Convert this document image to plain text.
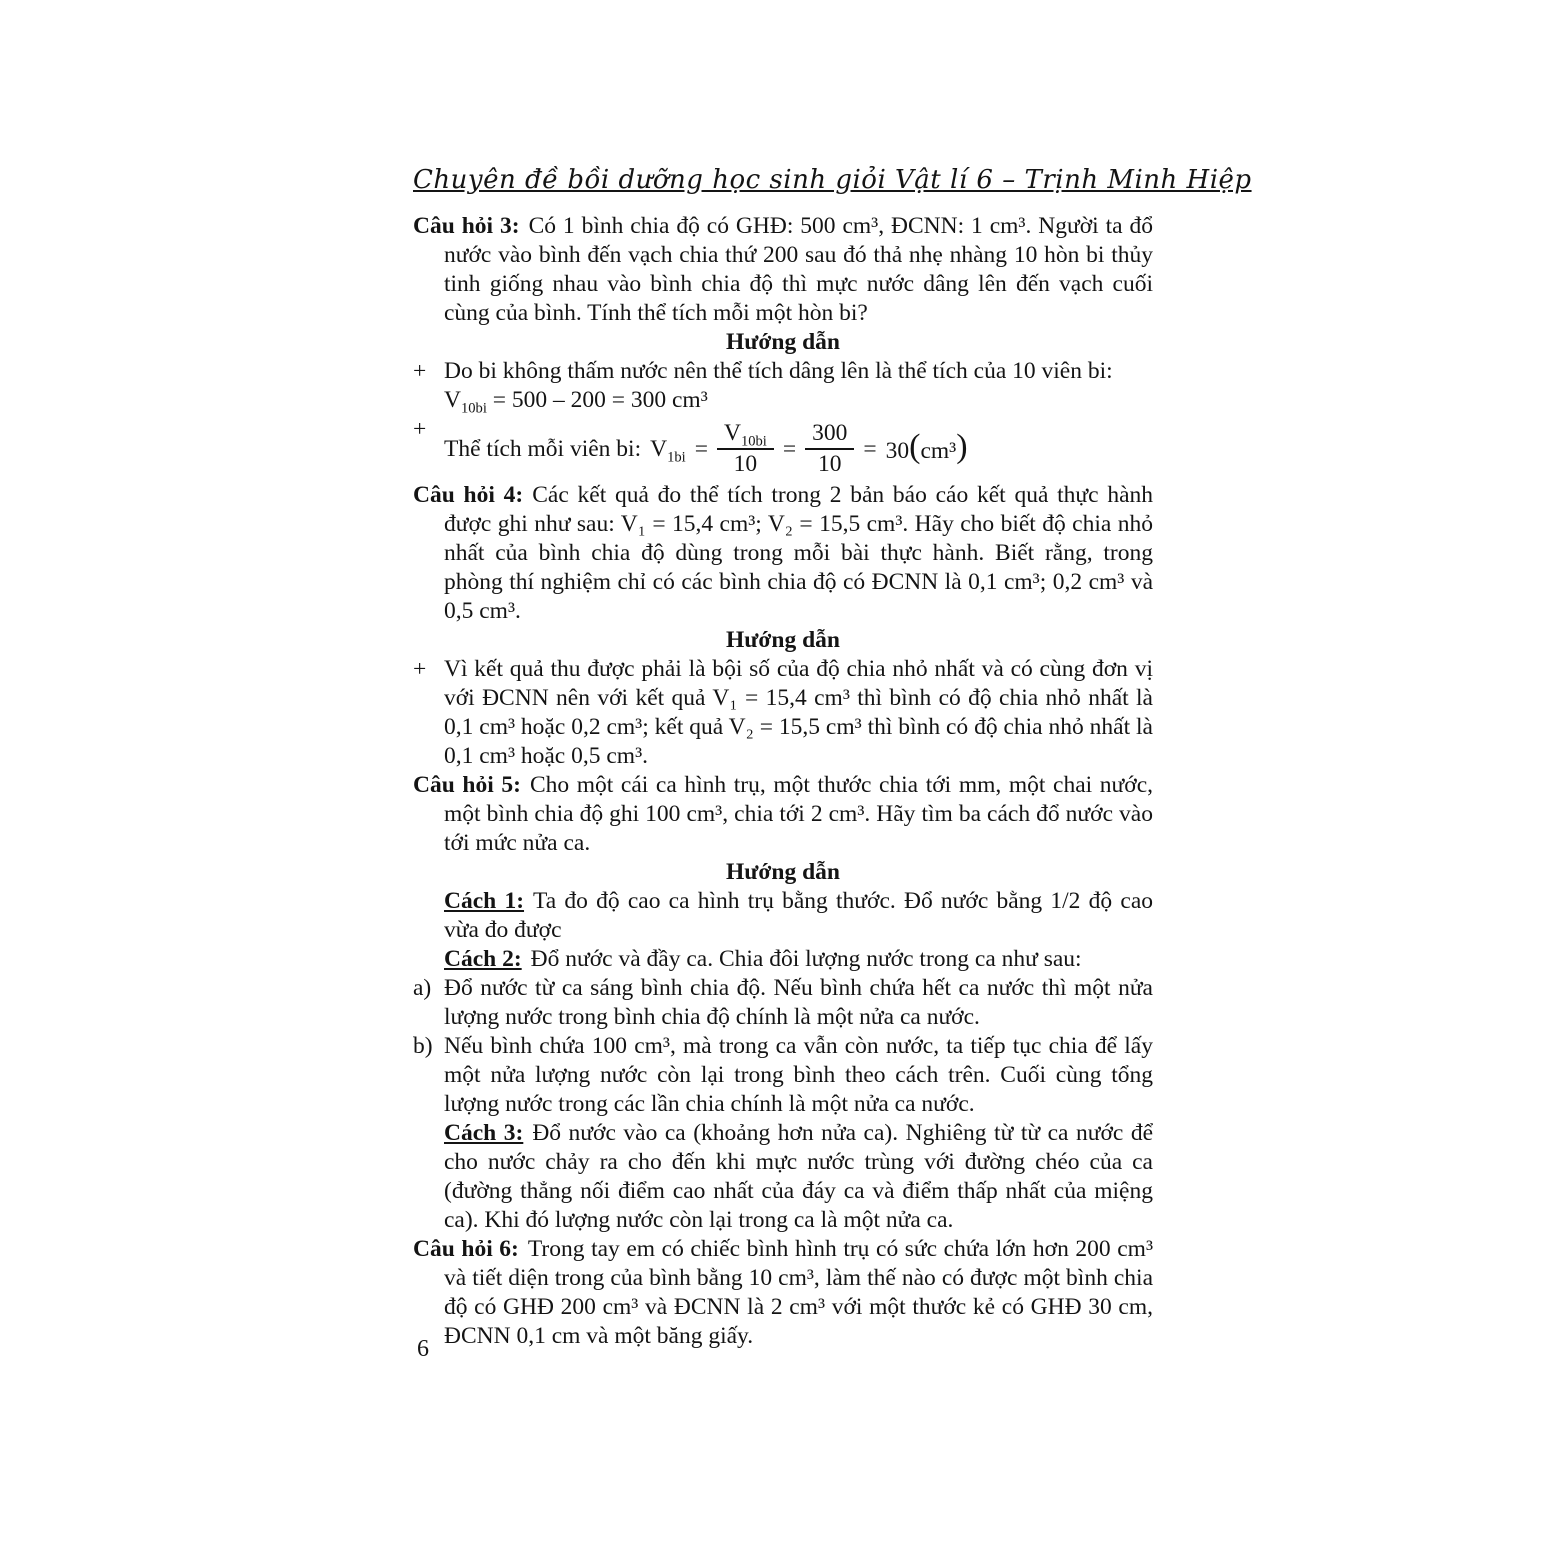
Chuyên đề bồi dưỡng học sinh giỏi Vật lí 6 – Trịnh Minh Hiệp

Câu hỏi 3: Có 1 bình chia độ có GHĐ: 500 cm³, ĐCNN: 1 cm³. Người ta đổ nước vào bình đến vạch chia thứ 200 sau đó thả nhẹ nhàng 10 hòn bi thủy tinh giống nhau vào bình chia độ thì mực nước dâng lên đến vạch cuối cùng của bình. Tính thể tích mỗi một hòn bi?

Hướng dẫn

+ Do bi không thấm nước nên thể tích dâng lên là thể tích của 10 viên bi:
$V_{10bi} = 500 - 200 = 300$ cm³
+
Thể tích mỗi viên bi: $V_{1bi} = \frac{V_{10bi}}{10} = \frac{300}{10} = 30(cm^3)$

Câu hỏi 4: Các kết quả đo thể tích trong 2 bản báo cáo kết quả thực hành được ghi như sau: V₁ = 15,4 cm³; V₂ = 15,5 cm³. Hãy cho biết độ chia nhỏ nhất của bình chia độ dùng trong mỗi bài thực hành. Biết rằng, trong phòng thí nghiệm chỉ có các bình chia độ có ĐCNN là 0,1 cm³; 0,2 cm³ và 0,5 cm³.

Hướng dẫn

+ Vì kết quả thu được phải là bội số của độ chia nhỏ nhất và có cùng đơn vị với ĐCNN nên với kết quả V₁ = 15,4 cm³ thì bình có độ chia nhỏ nhất là 0,1 cm³ hoặc 0,2 cm³; kết quả V₂ = 15,5 cm³ thì bình có độ chia nhỏ nhất là 0,1 cm³ hoặc 0,5 cm³.

Câu hỏi 5: Cho một cái ca hình trụ, một thước chia tới mm, một chai nước, một bình chia độ ghi 100 cm³, chia tới 2 cm³. Hãy tìm ba cách đổ nước vào tới mức nửa ca.

Hướng dẫn

Cách 1: Ta đo độ cao ca hình trụ bằng thước. Đổ nước bằng 1/2 độ cao vừa đo được

Cách 2: Đổ nước và đầy ca. Chia đôi lượng nước trong ca như sau:

a) Đổ nước từ ca sáng bình chia độ. Nếu bình chứa hết ca nước thì một nửa lượng nước trong bình chia độ chính là một nửa ca nước.
b) Nếu bình chứa 100 cm³, mà trong ca vẫn còn nước, ta tiếp tục chia để lấy một nửa lượng nước còn lại trong bình theo cách trên. Cuối cùng tổng lượng nước trong các lần chia chính là một nửa ca nước.

Cách 3: Đổ nước vào ca (khoảng hơn nửa ca). Nghiêng từ từ ca nước để cho nước chảy ra cho đến khi mực nước trùng với đường chéo của ca (đường thẳng nối điểm cao nhất của đáy ca và điểm thấp nhất của miệng ca). Khi đó lượng nước còn lại trong ca là một nửa ca.

Câu hỏi 6: Trong tay em có chiếc bình hình trụ có sức chứa lớn hơn 200 cm³ và tiết diện trong của bình bằng 10 cm³, làm thế nào có được một bình chia độ có GHĐ 200 cm³ và ĐCNN là 2 cm³ với một thước kẻ có GHĐ 30 cm, ĐCNN 0,1 cm và một băng giấy.

6
